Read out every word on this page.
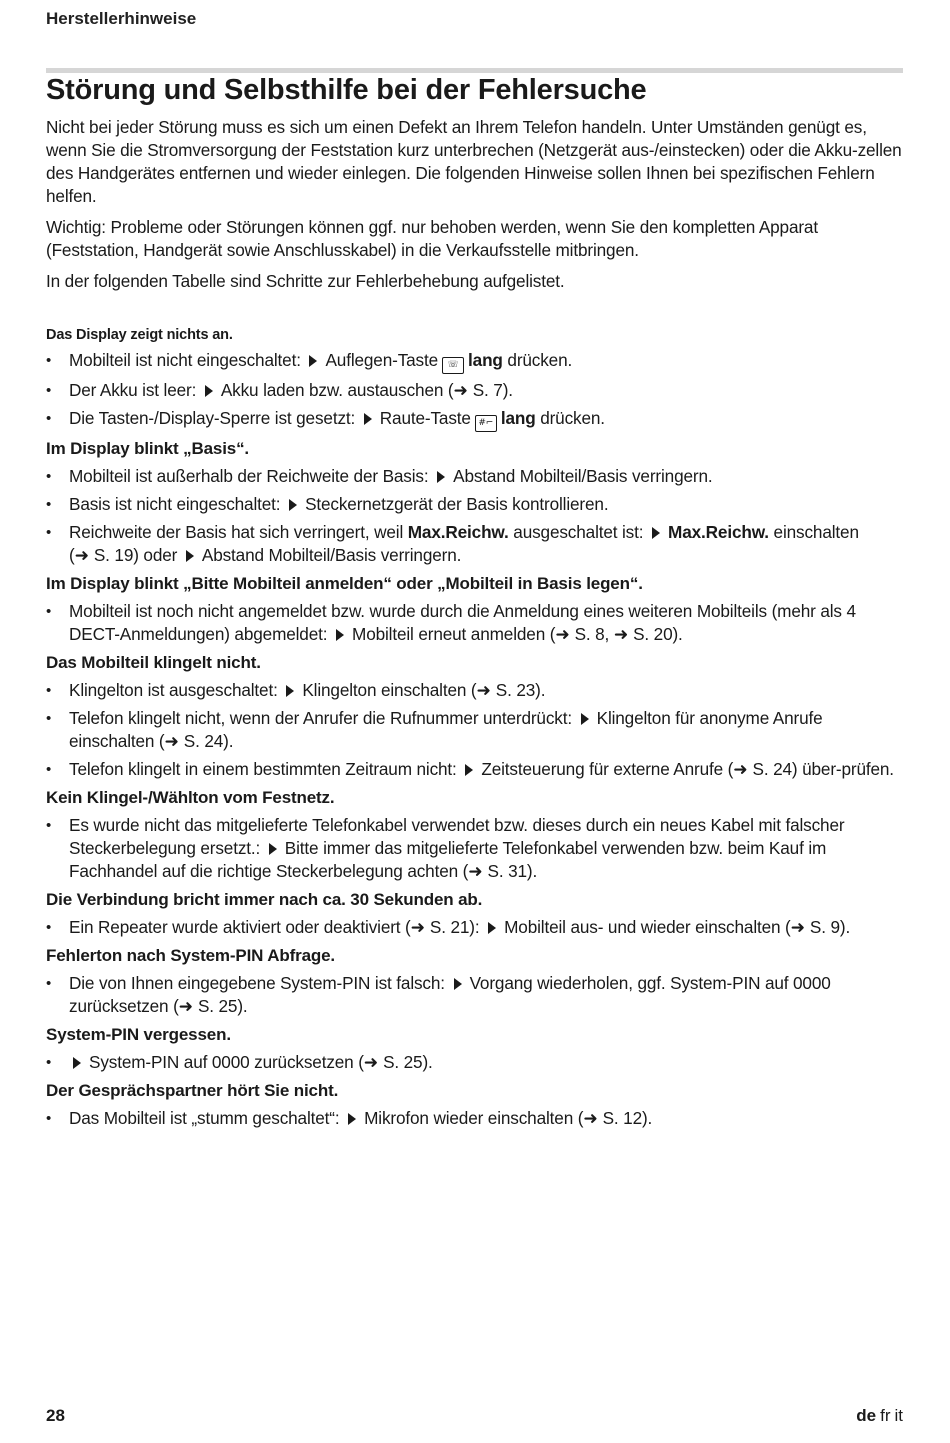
Herstellerhinweise
Störung und Selbsthilfe bei der Fehlersuche

Nicht bei jeder Störung muss es sich um einen Defekt an Ihrem Telefon handeln. Unter Umständen genügt es, wenn Sie die Stromversorgung der Feststation kurz unterbrechen (Netzgerät aus-/einstecken) oder die Akku-zellen des Handgerätes entfernen und wieder einlegen. Die folgenden Hinweise sollen Ihnen bei spezifischen Fehlern helfen.

Wichtig: Probleme oder Störungen können ggf. nur behoben werden, wenn Sie den kompletten Apparat (Feststation, Handgerät sowie Anschlusskabel) in die Verkaufsstelle mitbringen.

In der folgenden Tabelle sind Schritte zur Fehlerbehebung aufgelistet.

Das Display zeigt nichts an.

• Mobilteil ist nicht eingeschaltet: Auflegen-Taste ☏ lang drücken.
• Der Akku ist leer: Akku laden bzw. austauschen (➜ S. 7).
• Die Tasten-/Display-Sperre ist gesetzt: Raute-Taste #⌐ lang drücken.

Im Display blinkt „Basis“.

• Mobilteil ist außerhalb der Reichweite der Basis: Abstand Mobilteil/Basis verringern.
• Basis ist nicht eingeschaltet: Steckernetzgerät der Basis kontrollieren.
• Reichweite der Basis hat sich verringert, weil Max.Reichw. ausgeschaltet ist: Max.Reichw. einschalten (➜ S. 19) oder Abstand Mobilteil/Basis verringern.

Im Display blinkt „Bitte Mobilteil anmelden“ oder „Mobilteil in Basis legen“.

• Mobilteil ist noch nicht angemeldet bzw. wurde durch die Anmeldung eines weiteren Mobilteils (mehr als 4 DECT-Anmeldungen) abgemeldet: Mobilteil erneut anmelden (➜ S. 8, ➜ S. 20).

Das Mobilteil klingelt nicht.

• Klingelton ist ausgeschaltet: Klingelton einschalten (➜ S. 23).
• Telefon klingelt nicht, wenn der Anrufer die Rufnummer unterdrückt: Klingelton für anonyme Anrufe einschalten (➜ S. 24).
• Telefon klingelt in einem bestimmten Zeitraum nicht: Zeitsteuerung für externe Anrufe (➜ S. 24) über-prüfen.

Kein Klingel-/Wählton vom Festnetz.

• Es wurde nicht das mitgelieferte Telefonkabel verwendet bzw. dieses durch ein neues Kabel mit falscher Steckerbelegung ersetzt.: Bitte immer das mitgelieferte Telefonkabel verwenden bzw. beim Kauf im Fachhandel auf die richtige Steckerbelegung achten (➜ S. 31).

Die Verbindung bricht immer nach ca. 30 Sekunden ab.

• Ein Repeater wurde aktiviert oder deaktiviert (➜ S. 21): Mobilteil aus- und wieder einschalten (➜ S. 9).

Fehlerton nach System-PIN Abfrage.

• Die von Ihnen eingegebene System-PIN ist falsch: Vorgang wiederholen, ggf. System-PIN auf 0000 zurücksetzen (➜ S. 25).

System-PIN vergessen.

• System-PIN auf 0000 zurücksetzen (➜ S. 25).

Der Gesprächspartner hört Sie nicht.

• Das Mobilteil ist „stumm geschaltet“: Mikrofon wieder einschalten (➜ S. 12).
28	de fr it
